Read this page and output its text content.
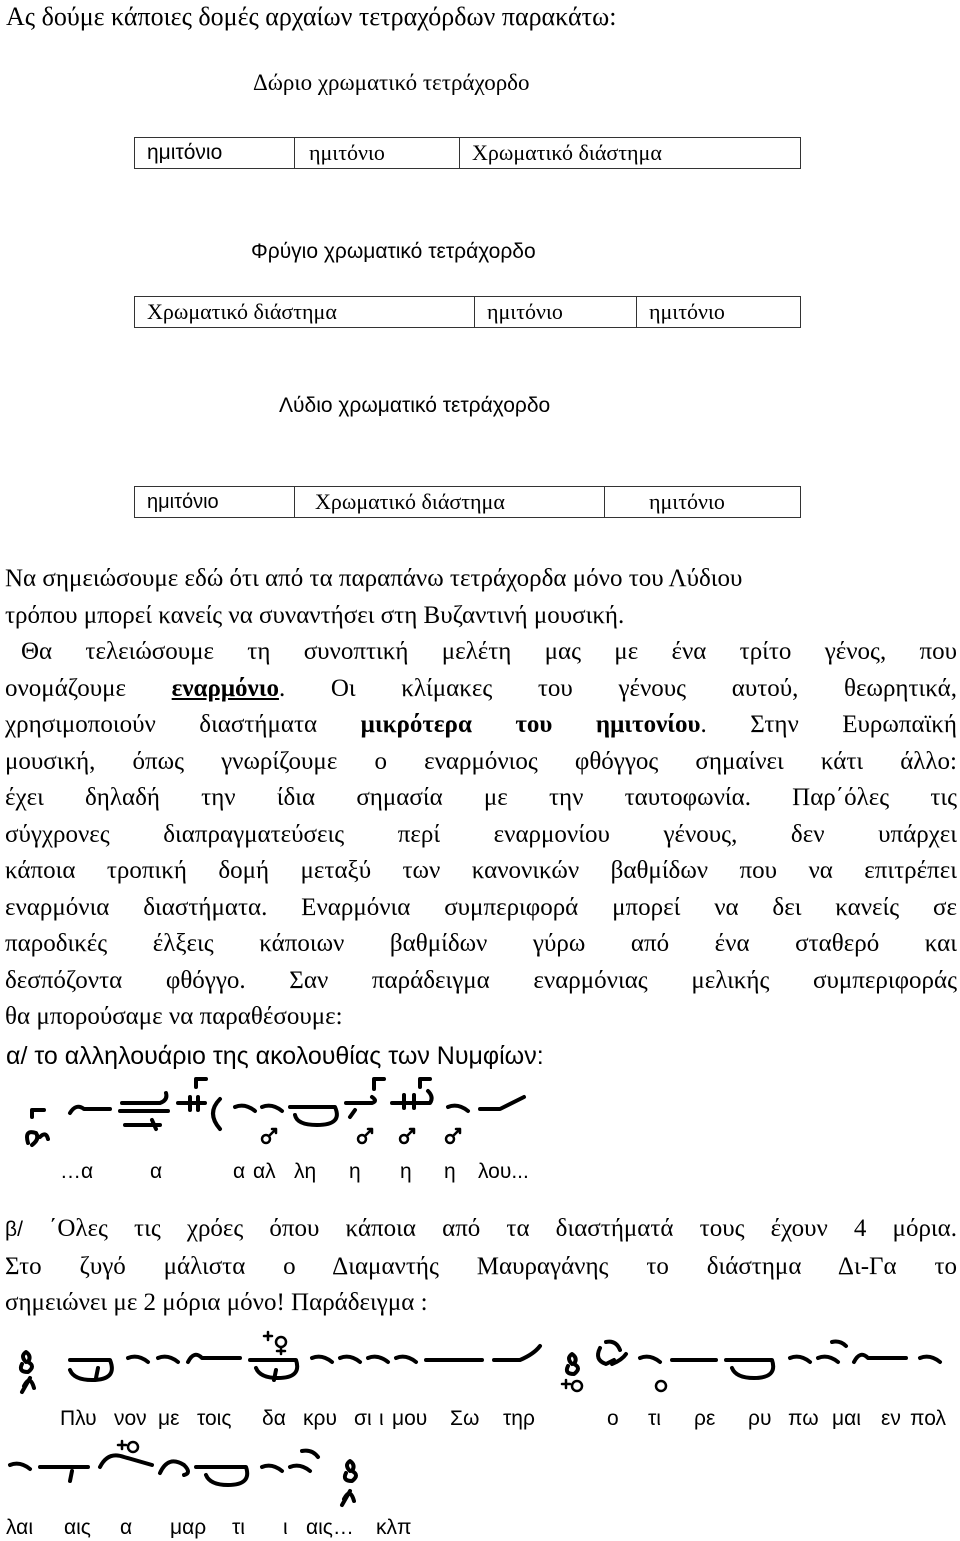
Ας δούμε κάποιες δομές αρχαίων τετραχόρδων παρακάτω:
Δώριο χρωματικό τετράχορδο
ημιτόνιο	ημιτόνιο	Χρωματικό διάστημα
Φρύγιο χρωματικό τετράχορδο
Χρωματικό διάστημα	ημιτόνιο	ημιτόνιο
Λύδιο χρωματικό τετράχορδο
ημιτόνιο	Χρωματικό διάστημα	ημιτόνιο
Να σημειώσουμε εδώ ότι από τα παραπάνω τετράχορδα μόνο του Λύδιου
τρόπου μπορεί κανείς να συναντήσει στη Βυζαντινή μουσική.
Θα τελειώσουμε τη συνοπτική μελέτη μας με ένα τρίτο γένος, που
ονομάζουμε εναρμόνιο. Οι κλίμακες του γένους αυτού, θεωρητικά,
χρησιμοποιούν διαστήματα μικρότερα του ημιτονίου. Στην Ευρωπαϊκή
μουσική, όπως γνωρίζουμε ο εναρμόνιος φθόγγος σημαίνει κάτι άλλο:
έχει δηλαδή την ίδια σημασία με την ταυτοφωνία. Παρ΄όλες τις
σύγχρονες διαπραγματεύσεις περί εναρμονίου γένους, δεν υπάρχει
κάποια τροπική δομή μεταξύ των κανονικών βαθμίδων που να επιτρέπει
εναρμόνια διαστήματα. Εναρμόνια συμπεριφορά μπορεί να δει κανείς σε
παροδικές έλξεις κάποιων βαθμίδων γύρω από ένα σταθερό και
δεσπόζοντα φθόγγο. Σαν παράδειγμα εναρμόνιας μελικής συμπεριφοράς
θα μπορούσαμε να παραθέσουμε:
α/ το αλληλουάριο της ακολουθίας των Νυμφίων:
…α	α	α αλ λη η η η λου...
β/ ΄Ολες τις χρόες όπου κάποια από τα διαστήματά τους έχουν 4 μόρια.
Στο ζυγό μάλιστα ο Διαμαντής Μαυραγάνης το διάστημα Δι-Γα το
σημειώνει με 2 μόρια μόνο! Παράδειγμα :
Πλυ νον με τοις δα κρυ σι ι μου Σω τηρ	ο τι ρε ρυ πω μαι εν πολ
λαι αις α μαρ τι ι αις… κλπ
